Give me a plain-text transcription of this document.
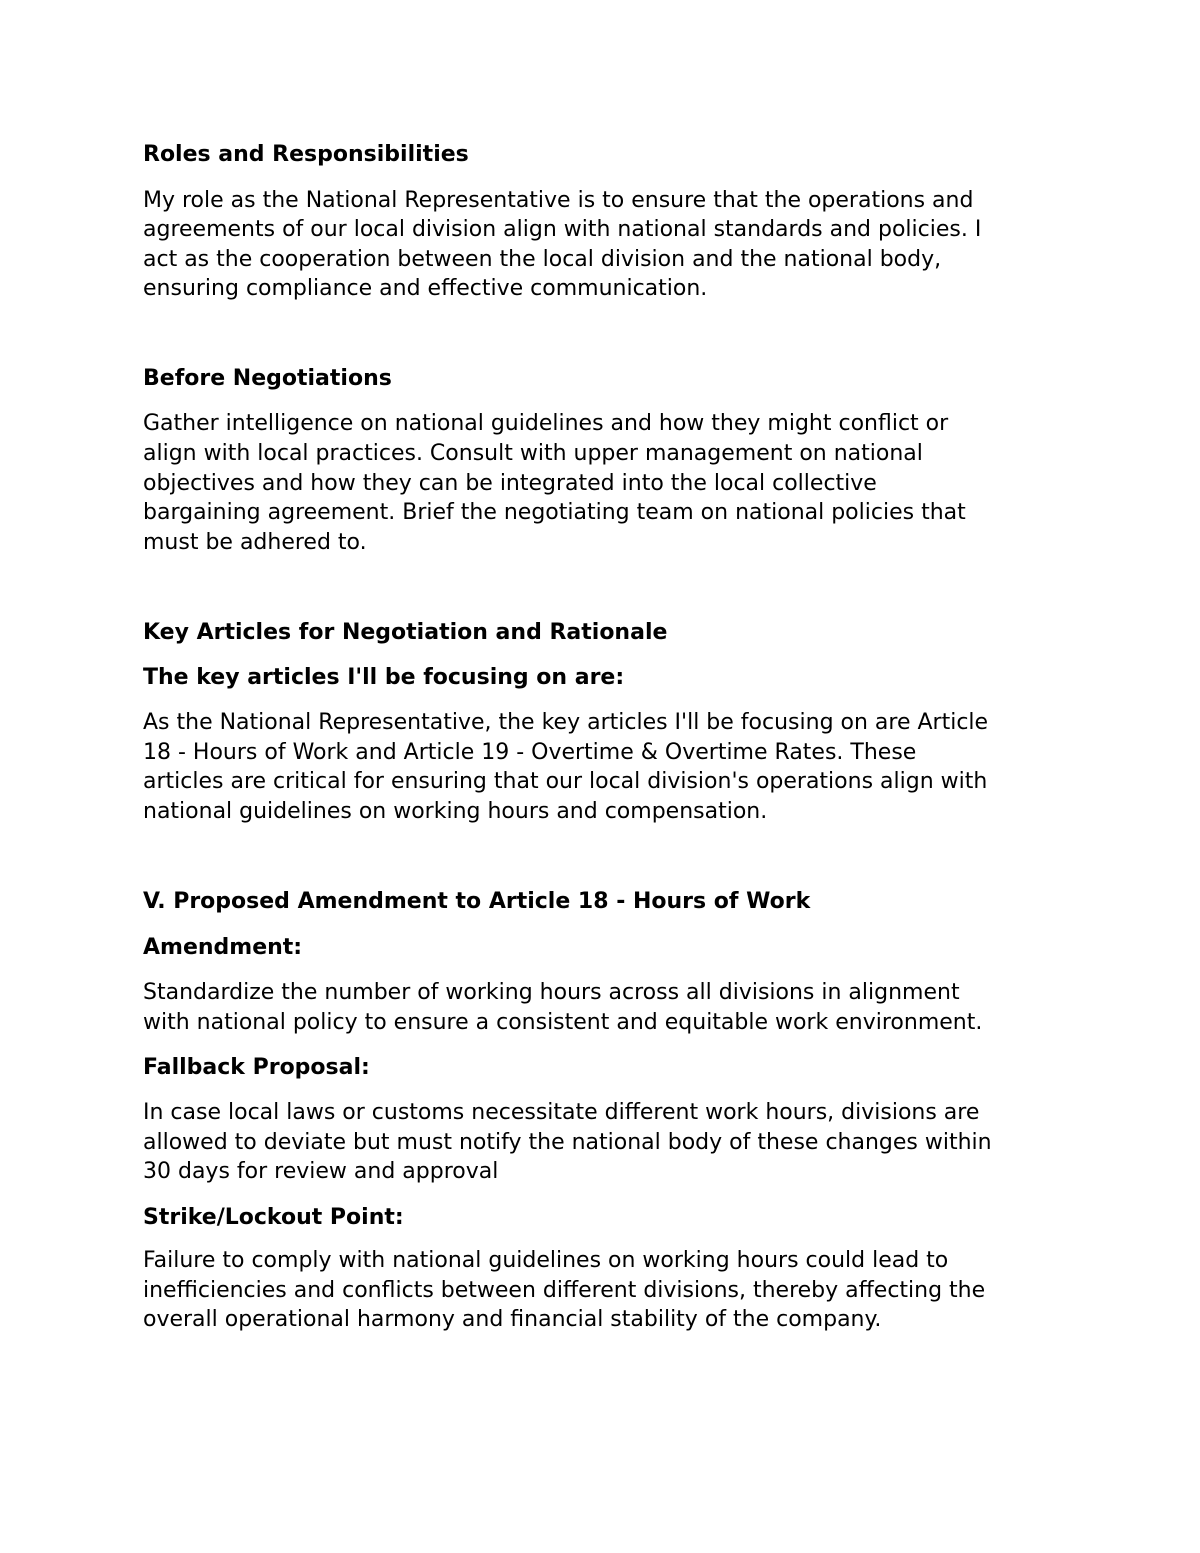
Roles and Responsibilities

My role as the National Representative is to ensure that the operations and

agreements of our local division align with national standards and policies. I

act as the cooperation between the local division and the national body,

ensuring compliance and effective communication.

Before Negotiations

Gather intelligence on national guidelines and how they might conflict or

align with local practices. Consult with upper management on national

objectives and how they can be integrated into the local collective

bargaining agreement. Brief the negotiating team on national policies that

must be adhered to.

Key Articles for Negotiation and Rationale

The key articles I'll be focusing on are:

As the National Representative, the key articles I'll be focusing on are Article

18 - Hours of Work and Article 19 - Overtime & Overtime Rates. These

articles are critical for ensuring that our local division's operations align with

national guidelines on working hours and compensation.

V. Proposed Amendment to Article 18 - Hours of Work

Amendment:

Standardize the number of working hours across all divisions in alignment

with national policy to ensure a consistent and equitable work environment.

Fallback Proposal:

In case local laws or customs necessitate different work hours, divisions are

allowed to deviate but must notify the national body of these changes within

30 days for review and approval

Strike/Lockout Point:

Failure to comply with national guidelines on working hours could lead to

inefficiencies and conflicts between different divisions, thereby affecting the

overall operational harmony and financial stability of the company.
